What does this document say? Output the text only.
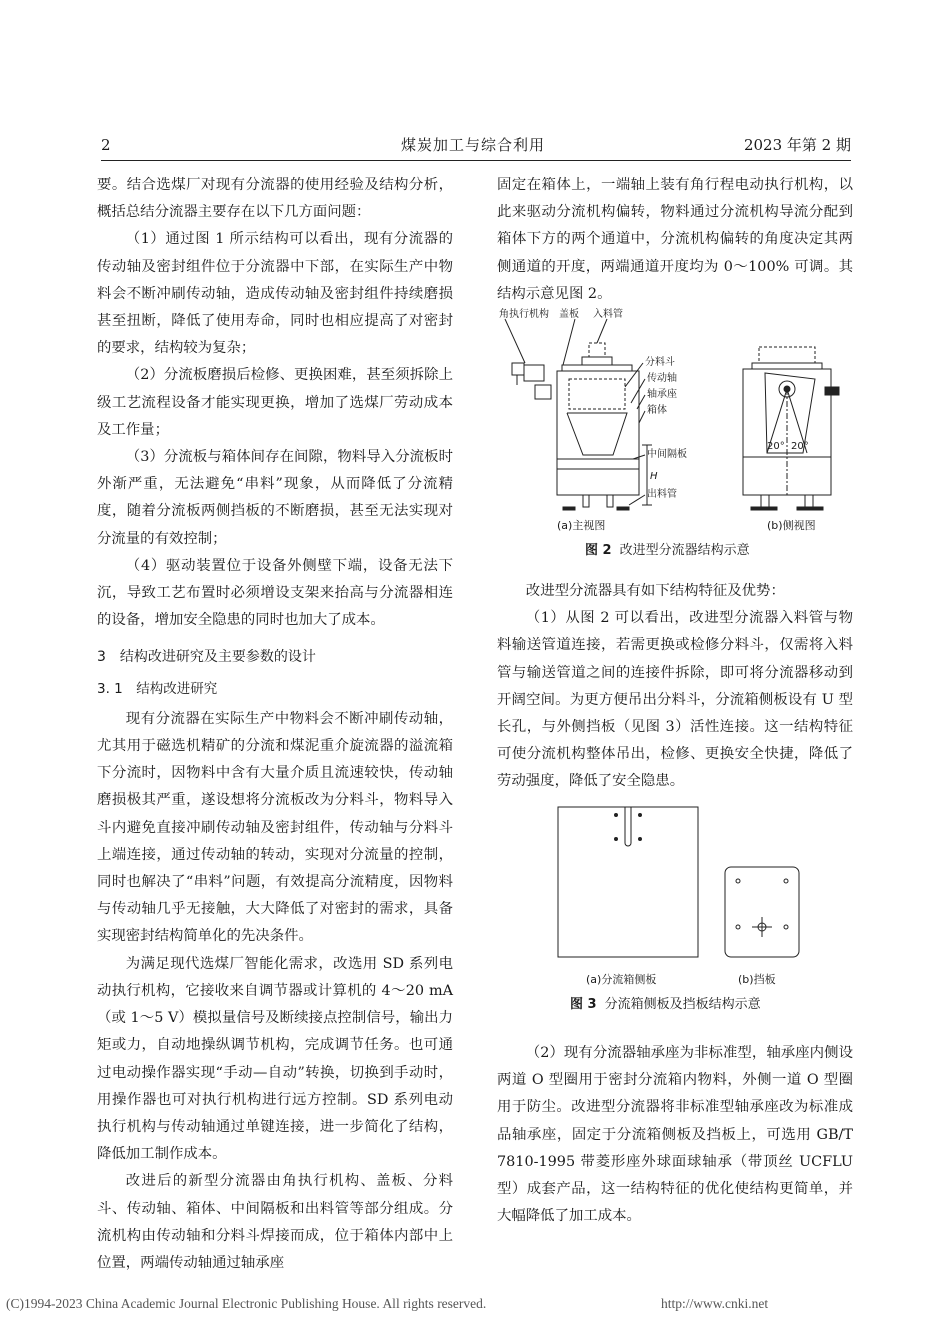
2	煤炭加工与综合利用	2023 年第 2 期

要。结合选煤厂对现有分流器的使用经验及结构分析，概括总结分流器主要存在以下几方面问题：

（1）通过图 1 所示结构可以看出，现有分流器的传动轴及密封组件位于分流器中下部，在实际生产中物料会不断冲刷传动轴，造成传动轴及密封组件持续磨损甚至扭断，降低了使用寿命，同时也相应提高了对密封的要求，结构较为复杂；

（2）分流板磨损后检修、更换困难，甚至须拆除上级工艺流程设备才能实现更换，增加了选煤厂劳动成本及工作量；

（3）分流板与箱体间存在间隙，物料导入分流板时外渐严重，无法避免“串料”现象，从而降低了分流精度，随着分流板两侧挡板的不断磨损，甚至无法实现对分流量的有效控制；

（4）驱动装置位于设备外侧壁下端，设备无法下沉，导致工艺布置时必须增设支架来抬高与分流器相连的设备，增加安全隐患的同时也加大了成本。

3　结构改进研究及主要参数的设计

3. 1　结构改进研究

现有分流器在实际生产中物料会不断冲刷传动轴，尤其用于磁选机精矿的分流和煤泥重介旋流器的溢流箱下分流时，因物料中含有大量介质且流速较快，传动轴磨损极其严重，遂设想将分流板改为分料斗，物料导入斗内避免直接冲刷传动轴及密封组件，传动轴与分料斗上端连接，通过传动轴的转动，实现对分流量的控制，同时也解决了“串料”问题，有效提高分流精度，因物料与传动轴几乎无接触，大大降低了对密封的需求，具备实现密封结构简单化的先决条件。

为满足现代选煤厂智能化需求，改选用 SD 系列电动执行机构，它接收来自调节器或计算机的 4～20 mA（或 1～5 V）模拟量信号及断续接点控制信号，输出力矩或力，自动地操纵调节机构，完成调节任务。也可通过电动操作器实现“手动—自动”转换，切换到手动时，用操作器也可对执行机构进行远方控制。SD 系列电动执行机构与传动轴通过单键连接，进一步简化了结构，降低加工制作成本。

改进后的新型分流器由角执行机构、盖板、分料斗、传动轴、箱体、中间隔板和出料管等部分组成。分流机构由传动轴和分料斗焊接而成，位于箱体内部中上位置，两端传动轴通过轴承座

固定在箱体上，一端轴上装有角行程电动执行机构，以此来驱动分流机构偏转，物料通过分流机构导流分配到箱体下方的两个通道中，分流机构偏转的角度决定其两侧通道的开度，两端通道开度均为 0～100% 可调。其结构示意见图 2。

角执行机构 盖板 入料管
分料斗
传动轴
轴承座
箱体
中间隔板
出料管
H
20° 20°
(a)主视图	(b)侧视图
图 2 改进型分流器结构示意

改进型分流器具有如下结构特征及优势：

（1）从图 2 可以看出，改进型分流器入料管与物料输送管道连接，若需更换或检修分料斗，仅需将入料管与输送管道之间的连接件拆除，即可将分流器移动到开阔空间。为更方便吊出分料斗，分流箱侧板设有 U 型长孔，与外侧挡板（见图 3）活性连接。这一结构特征可使分流机构整体吊出，检修、更换安全快捷，降低了劳动强度，降低了安全隐患。

(a)分流箱侧板	(b)挡板
图 3 分流箱侧板及挡板结构示意

（2）现有分流器轴承座为非标准型，轴承座内侧设两道 O 型圈用于密封分流箱内物料，外侧一道 O 型圈用于防尘。改进型分流器将非标准型轴承座改为标准成品轴承座，固定于分流箱侧板及挡板上，可选用 GB/T 7810-1995 带菱形座外球面球轴承（带顶丝 UCFLU 型）成套产品，这一结构特征的优化使结构更简单，并大幅降低了加工成本。

(C)1994-2023 China Academic Journal Electronic Publishing House. All rights reserved.	http://www.cnki.net
